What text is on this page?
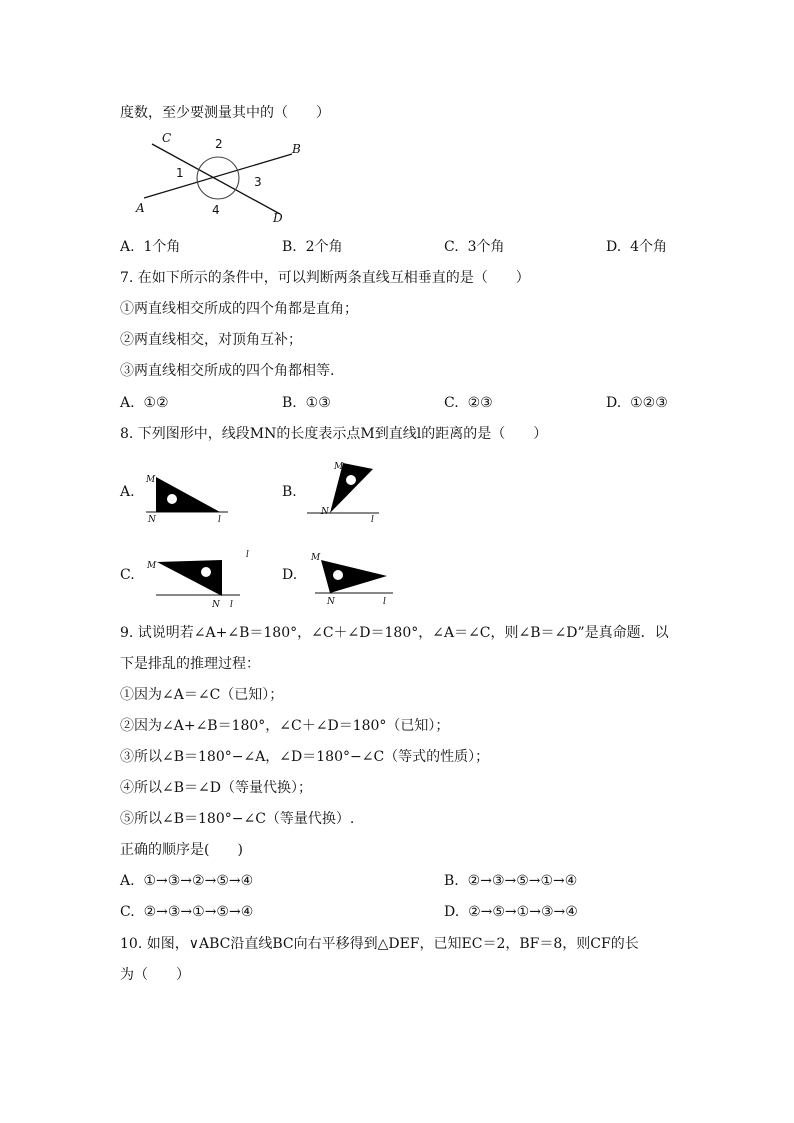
度数，至少要测量其中的（　　）
C
B
A
D
1
2
3
4
A. 1个角	B. 2个角	C. 3个角	D. 4个角
7. 在如下所示的条件中，可以判断两条直线互相垂直的是（　　）
①两直线相交所成的四个角都是直角；
②两直线相交，对顶角互补；
③两直线相交所成的四个角都相等.
A. ①②	B. ①③	C. ②③	D. ①②③
8. 下列图形中，线段MN的长度表示点M到直线l的距离的是（　　）
A.
M
N	l
B.
M
N
l
C.
M
N l
l
D.
M
N	l
9. 试说明若∠A+∠B＝180°，∠C＋∠D＝180°，∠A＝∠C，则∠B＝∠D”是真命题．以
下是排乱的推理过程：
①因为∠A＝∠C（已知）；
②因为∠A+∠B＝180°，∠C＋∠D＝180°（已知）；
③所以∠B＝180°−∠A，∠D＝180°−∠C（等式的性质）；
④所以∠B＝∠D（等量代换）；
⑤所以∠B＝180°−∠C（等量代换）.
正确的顺序是(　　)
A. ①→③→②→⑤→④	B. ②→③→⑤→①→④
C. ②→③→①→⑤→④	D. ②→⑤→①→③→④
10. 如图，∨ABC沿直线BC向右平移得到△DEF，已知EC＝2，BF＝8，则CF的长
为（　　）
